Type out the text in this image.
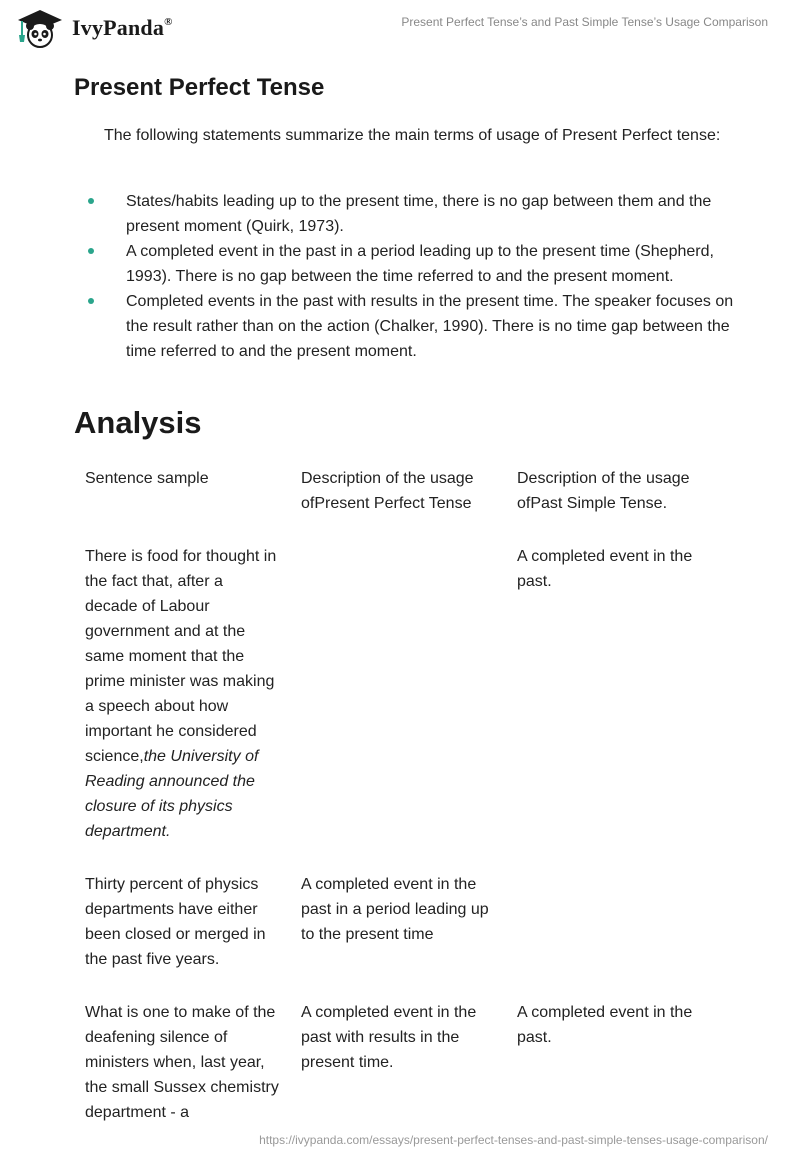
IvyPanda®	Present Perfect Tense’s and Past Simple Tense’s Usage Comparison
Present Perfect Tense

The following statements summarize the main terms of usage of Present Perfect tense:

States/habits leading up to the present time, there is no gap between them and the present moment (Quirk, 1973).
A completed event in the past in a period leading up to the present time (Shepherd, 1993). There is no gap between the time referred to and the present moment.
Completed events in the past with results in the present time. The speaker focuses on the result rather than on the action (Chalker, 1990). There is no time gap between the time referred to and the present moment.
Analysis
Sentence sample	Description of the usage ofPresent Perfect Tense	Description of the usage ofPast Simple Tense.
There is food for thought in the fact that, after a decade of Labour government and at the same moment that the prime minister was making a speech about how important he considered science,the University of Reading announced the closure of its physics department.		A completed event in the past.
Thirty percent of physics departments have either been closed or merged in the past five years.	A completed event in the past in a period leading up to the present time	
What is one to make of the deafening silence of ministers when, last year, the small Sussex chemistry department - a	A completed event in the past with results in the present time.	A completed event in the past.
https://ivypanda.com/essays/present-perfect-tenses-and-past-simple-tenses-usage-comparison/
